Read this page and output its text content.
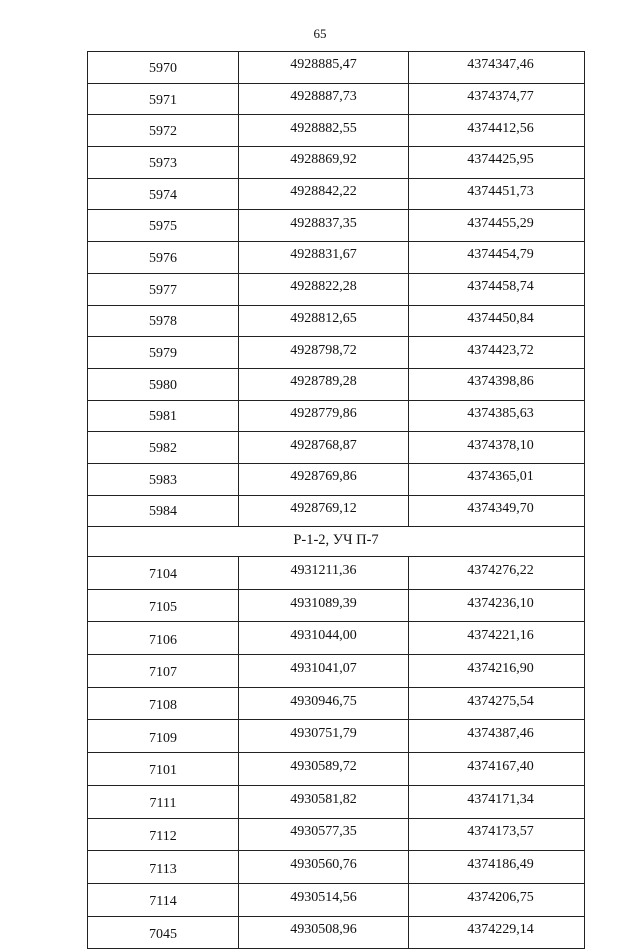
65
5970	4928885,47	4374347,46
5971	4928887,73	4374374,77
5972	4928882,55	4374412,56
5973	4928869,92	4374425,95
5974	4928842,22	4374451,73
5975	4928837,35	4374455,29
5976	4928831,67	4374454,79
5977	4928822,28	4374458,74
5978	4928812,65	4374450,84
5979	4928798,72	4374423,72
5980	4928789,28	4374398,86
5981	4928779,86	4374385,63
5982	4928768,87	4374378,10
5983	4928769,86	4374365,01
5984	4928769,12	4374349,70
Р-1-2, УЧ П-7		
7104	4931211,36	4374276,22
7105	4931089,39	4374236,10
7106	4931044,00	4374221,16
7107	4931041,07	4374216,90
7108	4930946,75	4374275,54
7109	4930751,79	4374387,46
7101	4930589,72	4374167,40
7111	4930581,82	4374171,34
7112	4930577,35	4374173,57
7113	4930560,76	4374186,49
7114	4930514,56	4374206,75
7045	4930508,96	4374229,14
